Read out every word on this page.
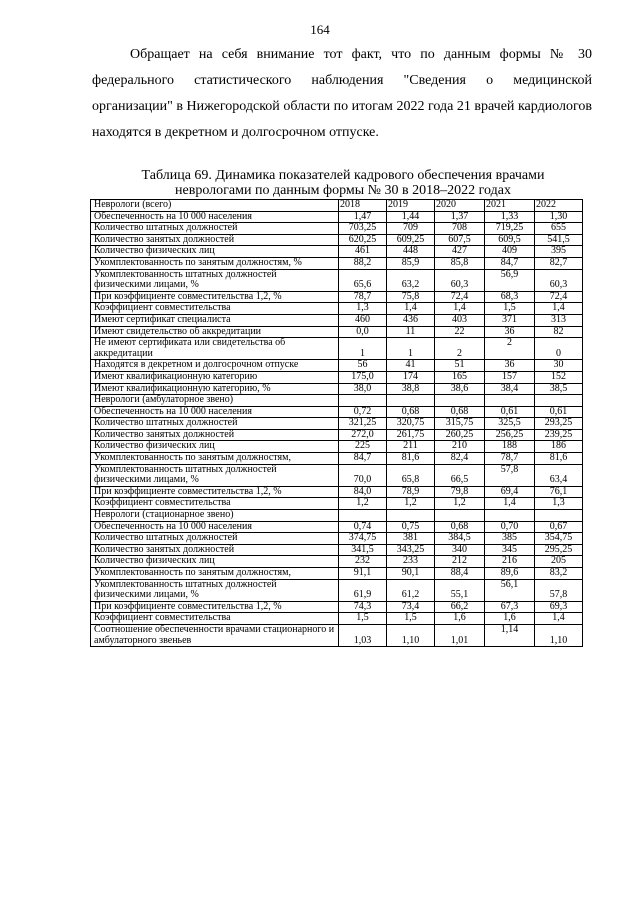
164

Обращает на себя внимание тот факт, что по данным формы № 30 федерального статистического наблюдения "Сведения о медицинской организации" в Нижегородской области по итогам 2022 года 21 врачей кардиологов находятся в декретном и долгосрочном отпуске.

Таблица 69. Динамика показателей кадрового обеспечения врачами
неврологами по данным формы № 30 в 2018–2022 годах
Неврологи (всего)	2018	2019	2020	2021	2022
Обеспеченность на 10 000 населения	1,47	1,44	1,37	1,33	1,30
Количество штатных должностей	703,25	709	708	719,25	655
Количество занятых должностей	620,25	609,25	607,5	609,5	541,5
Количество физических лиц	461	448	427	409	395
Укомплектованность по занятым должностям, %	88,2	85,9	85,8	84,7	82,7
Укомплектованность штатных должностей физическими лицами, %	65,6	63,2	60,3	56,9	60,3
При коэффициенте совместительства 1,2, %	78,7	75,8	72,4	68,3	72,4
Коэффициент совместительства	1,3	1,4	1,4	1,5	1,4
Имеют сертификат специалиста	460	436	403	371	313
Имеют свидетельство об аккредитации	0,0	11	22	36	82
Не имеют сертификата или свидетельства об аккредитации	1	1	2	2	0
Находятся в декретном и долгосрочном отпуске	56	41	51	36	30
Имеют квалификационную категорию	175,0	174	165	157	152
Имеют квалификационную категорию, %	38,0	38,8	38,6	38,4	38,5
Неврологи (амбулаторное звено)					
Обеспеченность на 10 000 населения	0,72	0,68	0,68	0,61	0,61
Количество штатных должностей	321,25	320,75	315,75	325,5	293,25
Количество занятых должностей	272,0	261,75	260,25	256,25	239,25
Количество физических лиц	225	211	210	188	186
Укомплектованность по занятым должностям,	84,7	81,6	82,4	78,7	81,6
Укомплектованность штатных должностей физическими лицами, %	70,0	65,8	66,5	57,8	63,4
При коэффициенте совместительства 1,2, %	84,0	78,9	79,8	69,4	76,1
Коэффициент совместительства	1,2	1,2	1,2	1,4	1,3
Неврологи (стационарное звено)					
Обеспеченность на 10 000 населения	0,74	0,75	0,68	0,70	0,67
Количество штатных должностей	374,75	381	384,5	385	354,75
Количество занятых должностей	341,5	343,25	340	345	295,25
Количество физических лиц	232	233	212	216	205
Укомплектованность по занятым должностям,	91,1	90,1	88,4	89,6	83,2
Укомплектованность штатных должностей физическими лицами, %	61,9	61,2	55,1	56,1	57,8
При коэффициенте совместительства 1,2, %	74,3	73,4	66,2	67,3	69,3
Коэффициент совместительства	1,5	1,5	1,6	1,6	1,4
Соотношение обеспеченности врачами стационарного и амбулаторного звеньев	1,03	1,10	1,01	1,14	1,10
